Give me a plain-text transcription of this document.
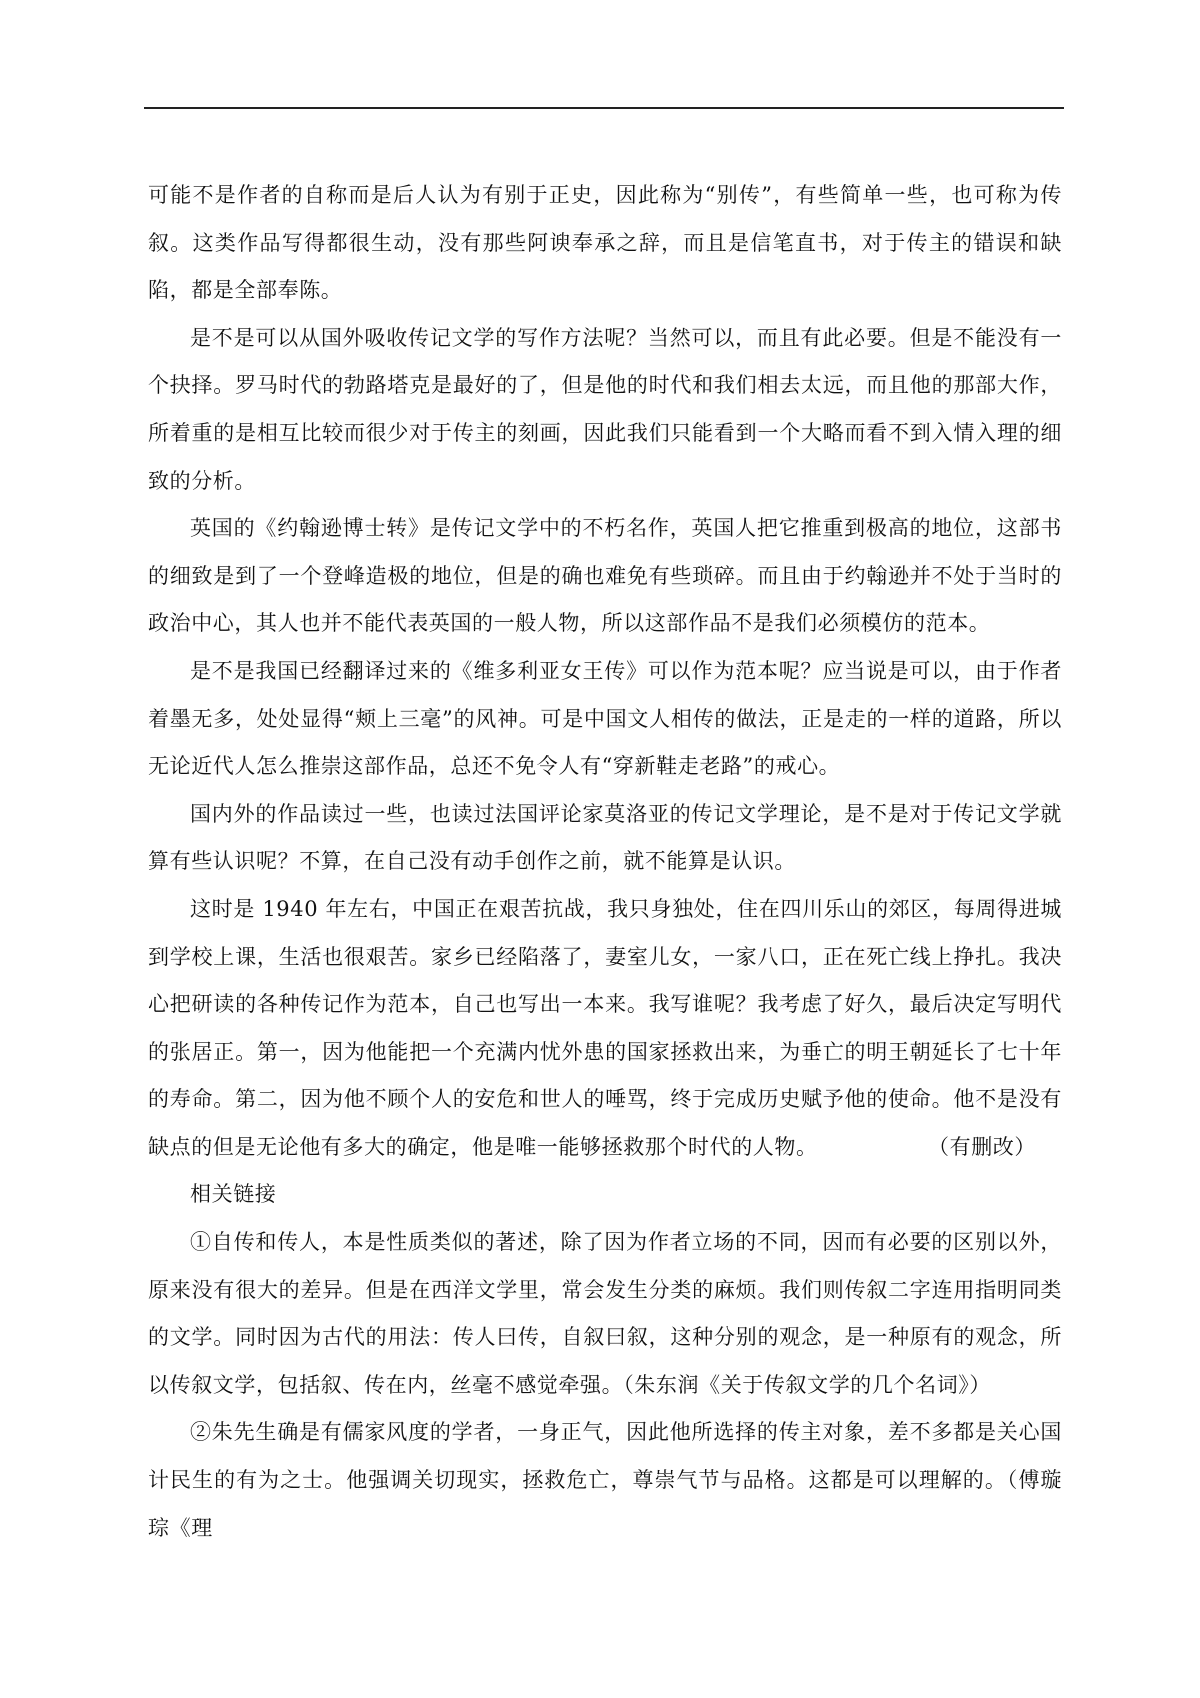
可能不是作者的自称而是后人认为有别于正史，因此称为“别传”，有些简单一些，也可称为传叙。这类作品写得都很生动，没有那些阿谀奉承之辞，而且是信笔直书，对于传主的错误和缺陷，都是全部奉陈。

是不是可以从国外吸收传记文学的写作方法呢？当然可以，而且有此必要。但是不能没有一个抉择。罗马时代的勃路塔克是最好的了，但是他的时代和我们相去太远，而且他的那部大作，所着重的是相互比较而很少对于传主的刻画，因此我们只能看到一个大略而看不到入情入理的细致的分析。

英国的《约翰逊博士转》是传记文学中的不朽名作，英国人把它推重到极高的地位，这部书的细致是到了一个登峰造极的地位，但是的确也难免有些琐碎。而且由于约翰逊并不处于当时的政治中心，其人也并不能代表英国的一般人物，所以这部作品不是我们必须模仿的范本。

是不是我国已经翻译过来的《维多利亚女王传》可以作为范本呢？应当说是可以，由于作者着墨无多，处处显得“颊上三毫”的风神。可是中国文人相传的做法，正是走的一样的道路，所以无论近代人怎么推崇这部作品，总还不免令人有“穿新鞋走老路”的戒心。

国内外的作品读过一些，也读过法国评论家莫洛亚的传记文学理论，是不是对于传记文学就算有些认识呢？不算，在自己没有动手创作之前，就不能算是认识。

这时是 1940 年左右，中国正在艰苦抗战，我只身独处，住在四川乐山的郊区，每周得进城到学校上课，生活也很艰苦。家乡已经陷落了，妻室儿女，一家八口，正在死亡线上挣扎。我决心把研读的各种传记作为范本，自己也写出一本来。我写谁呢？我考虑了好久，最后决定写明代的张居正。第一，因为他能把一个充满内忧外患的国家拯救出来，为垂亡的明王朝延长了七十年的寿命。第二，因为他不顾个人的安危和世人的唾骂，终于完成历史赋予他的使命。他不是没有缺点的但是无论他有多大的确定，他是唯一能够拯救那个时代的人物。	（有删改）

相关链接

①自传和传人，本是性质类似的著述，除了因为作者立场的不同，因而有必要的区别以外，原来没有很大的差异。但是在西洋文学里，常会发生分类的麻烦。我们则传叙二字连用指明同类的文学。同时因为古代的用法：传人曰传，自叙曰叙，这种分别的观念，是一种原有的观念，所以传叙文学，包括叙、传在内，丝毫不感觉牵强。（朱东润《关于传叙文学的几个名词》）

②朱先生确是有儒家风度的学者，一身正气，因此他所选择的传主对象，差不多都是关心国计民生的有为之士。他强调关切现实，拯救危亡，尊崇气节与品格。这都是可以理解的。（傅璇琮《理
